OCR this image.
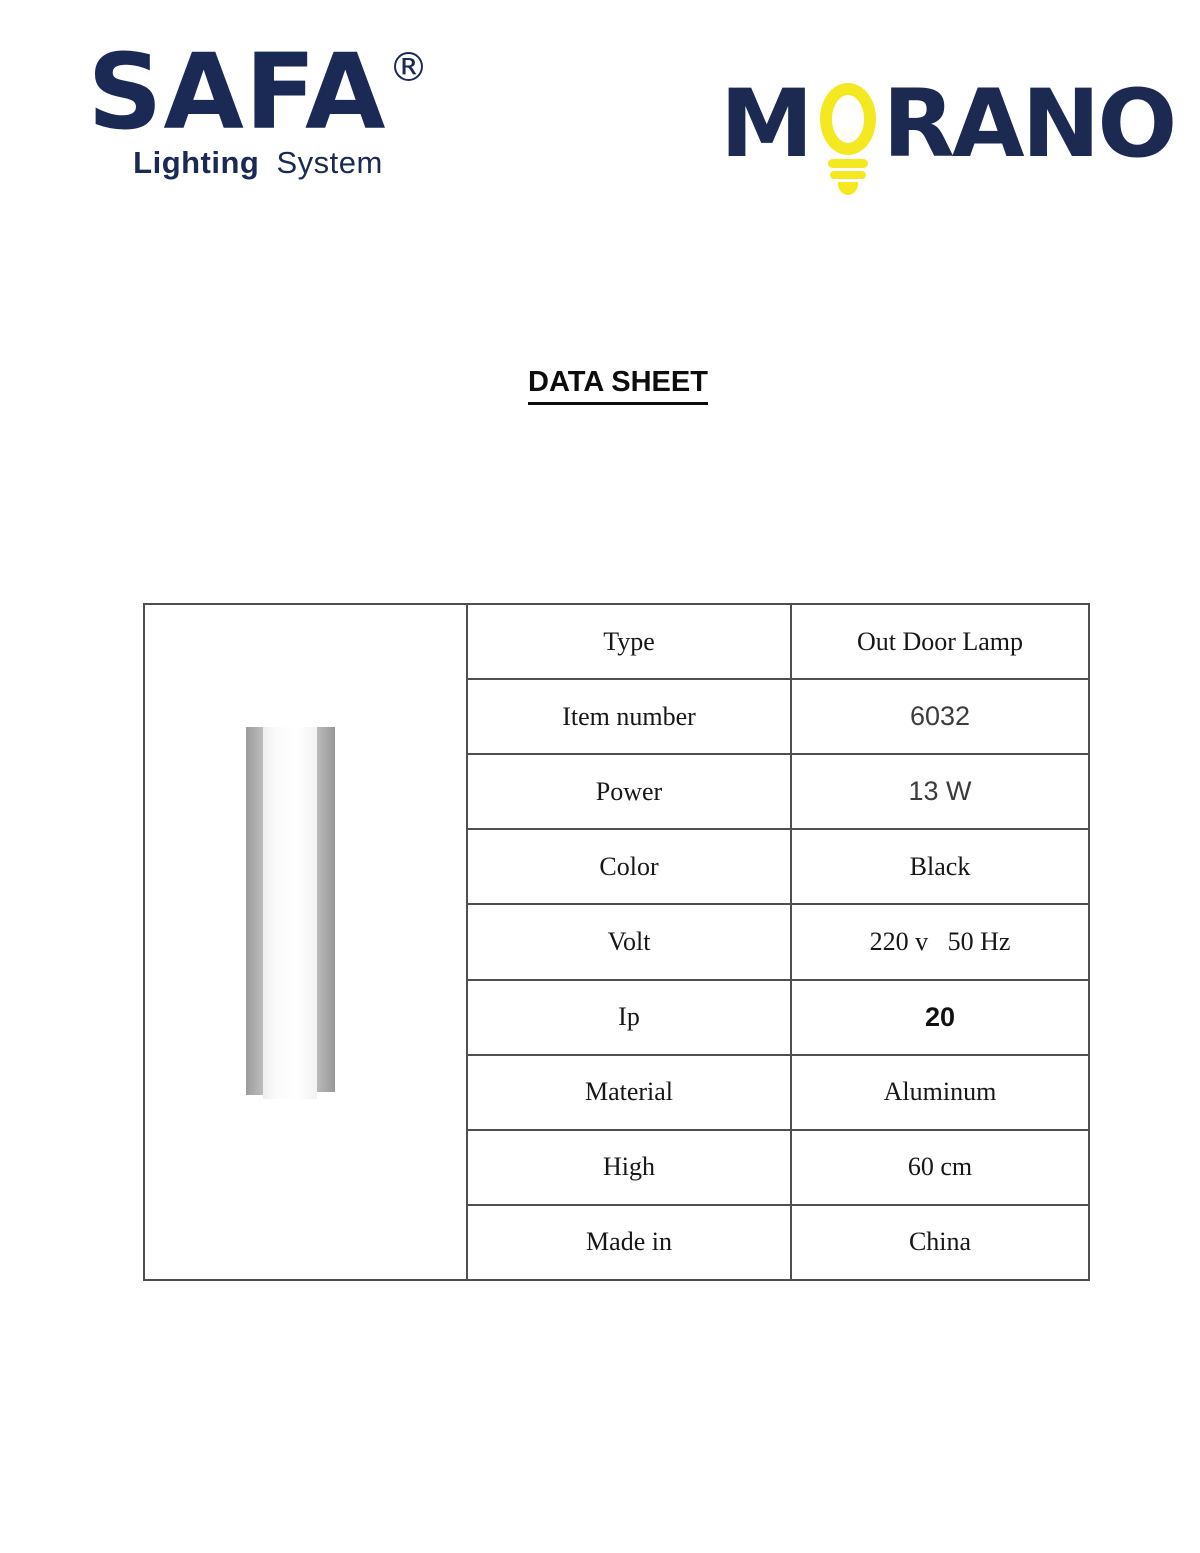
SAFA ®
Lighting System	M RANO
DATA SHEET

	Type	Out Door Lamp
	Item number	6032
	Power	13 W
	Color	Black
	Volt	220 v   50 Hz
	Ip	20
	Material	Aluminum
	High	60 cm
	Made in	China
